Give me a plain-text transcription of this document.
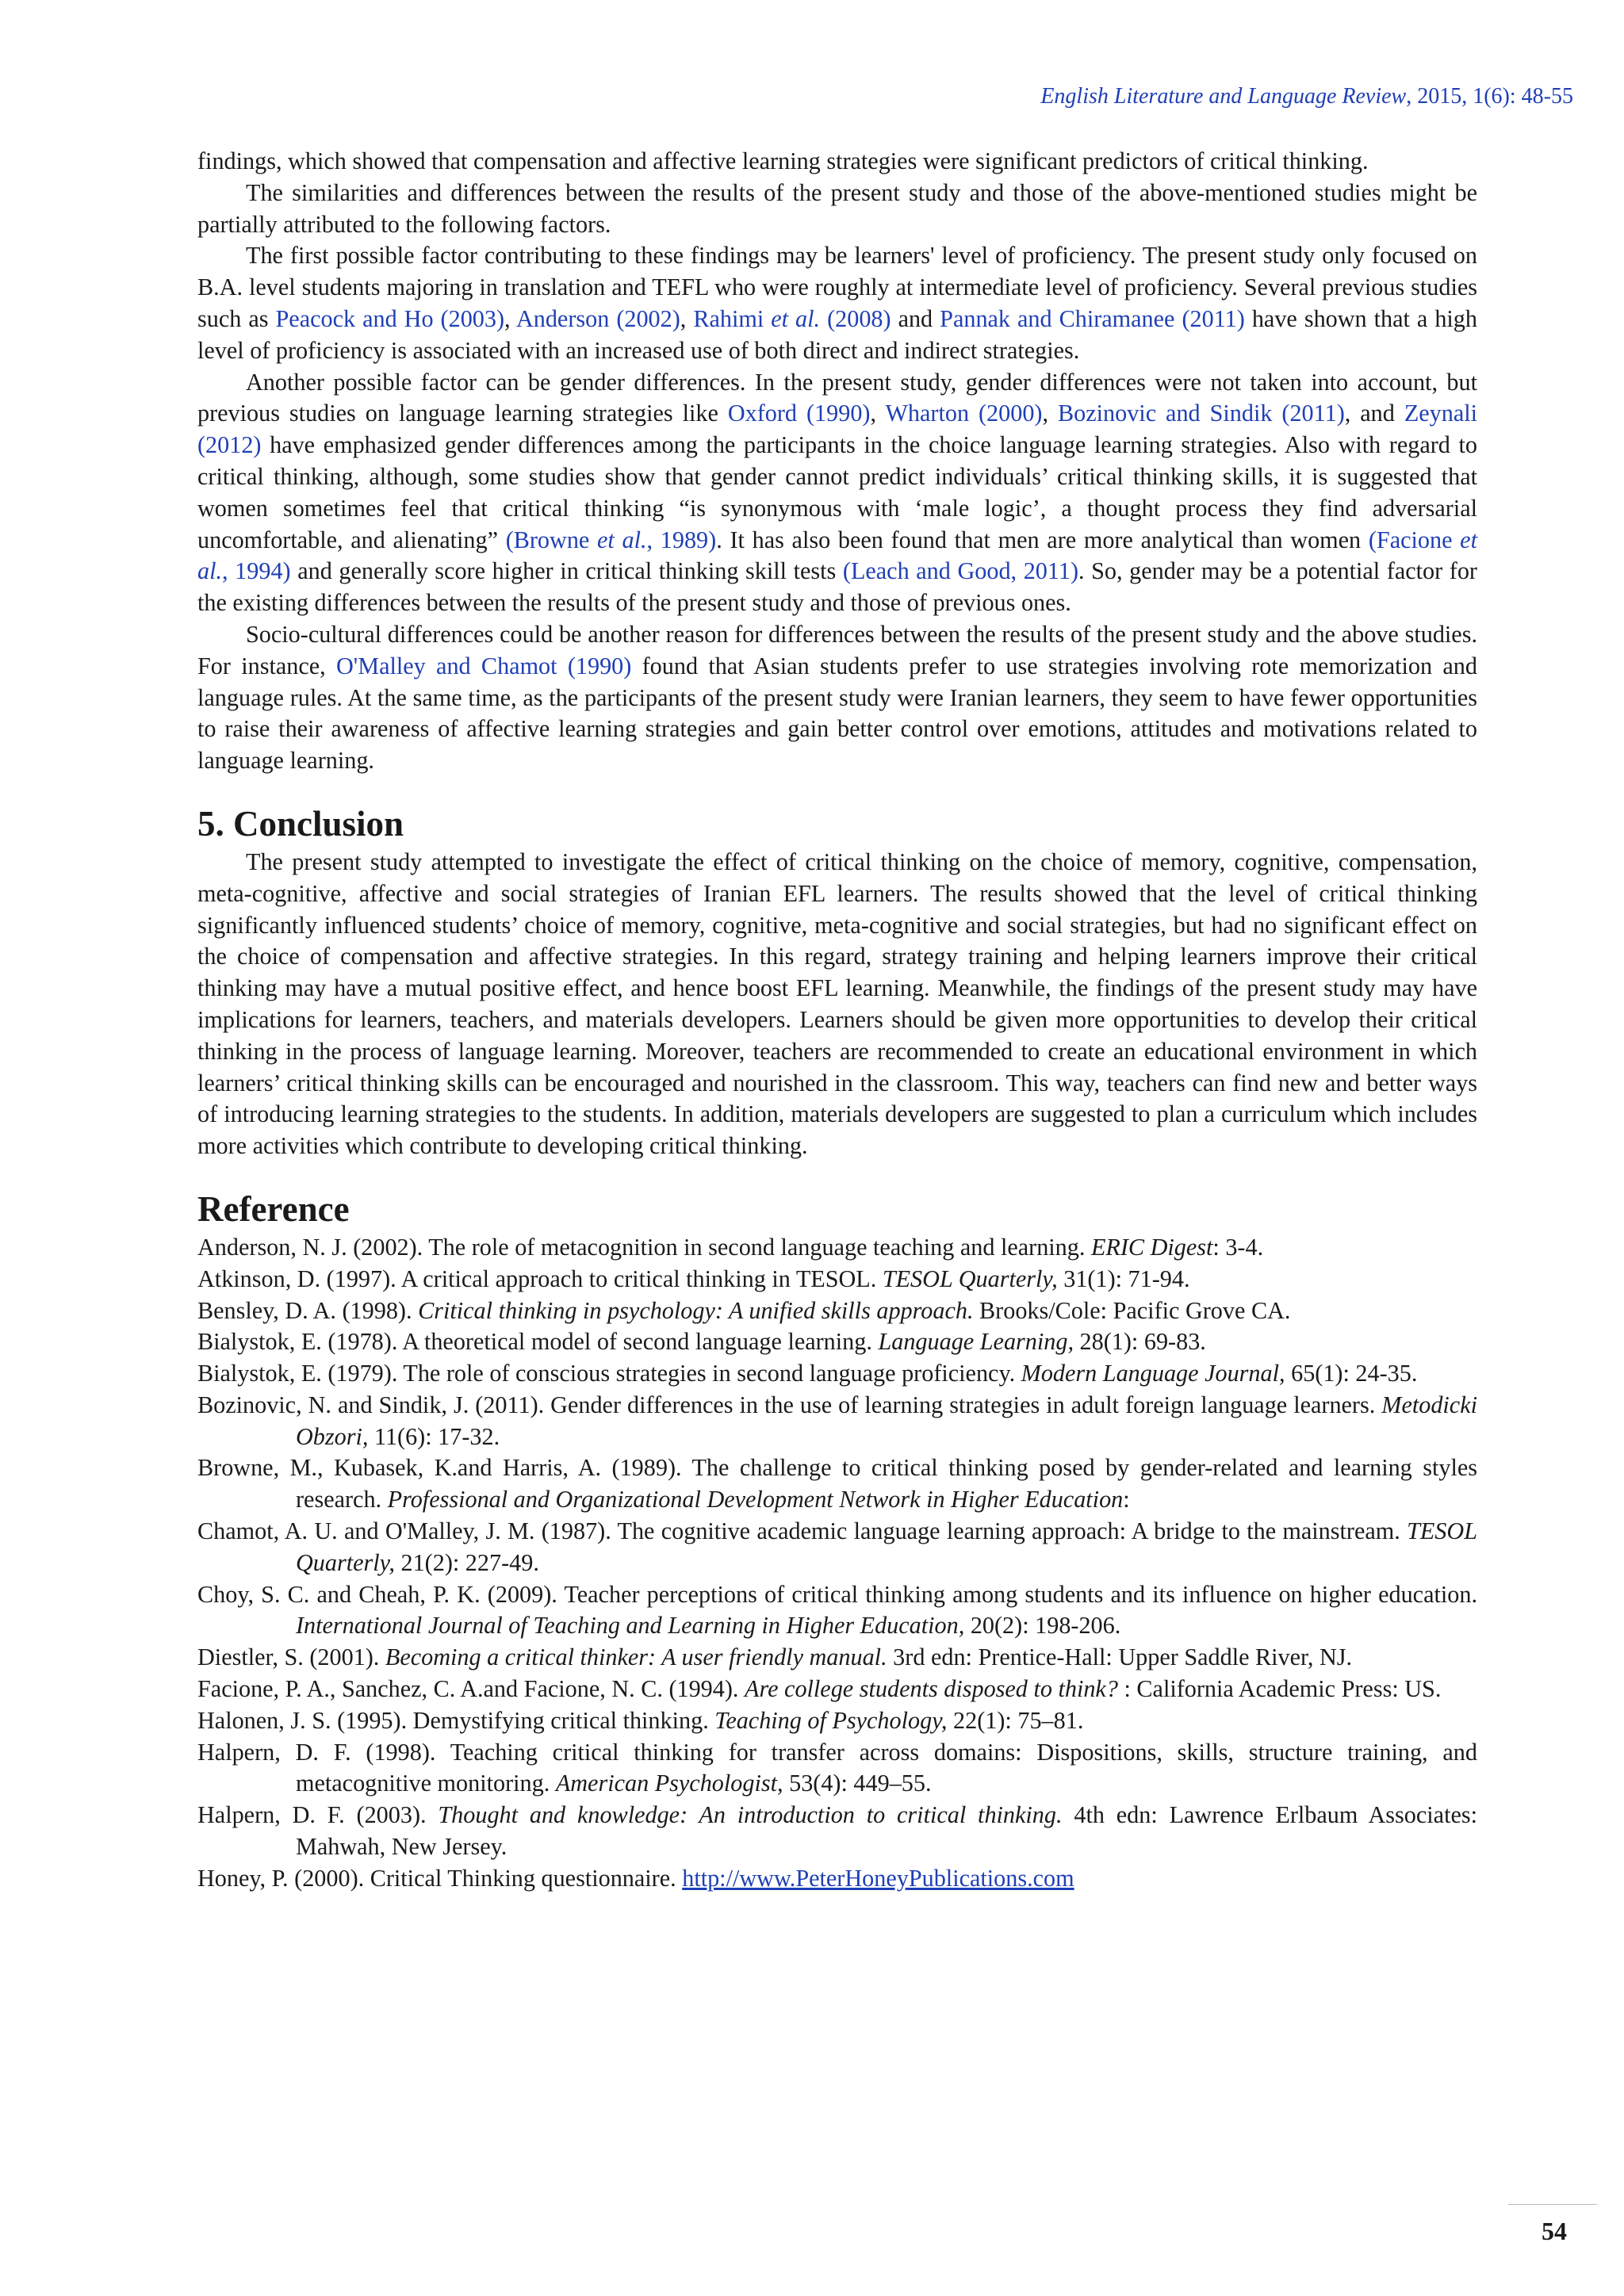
English Literature and Language Review, 2015, 1(6): 48-55

findings, which showed that compensation and affective learning strategies were significant predictors of critical thinking.

The similarities and differences between the results of the present study and those of the above-mentioned studies might be partially attributed to the following factors.

The first possible factor contributing to these findings may be learners' level of proficiency. The present study only focused on B.A. level students majoring in translation and TEFL who were roughly at intermediate level of proficiency. Several previous studies such as Peacock and Ho (2003), Anderson (2002), Rahimi et al. (2008) and Pannak and Chiramanee (2011) have shown that a high level of proficiency is associated with an increased use of both direct and indirect strategies.

Another possible factor can be gender differences. In the present study, gender differences were not taken into account, but previous studies on language learning strategies like Oxford (1990), Wharton (2000), Bozinovic and Sindik (2011), and Zeynali (2012) have emphasized gender differences among the participants in the choice language learning strategies. Also with regard to critical thinking, although, some studies show that gender cannot predict individuals’ critical thinking skills, it is suggested that women sometimes feel that critical thinking “is synonymous with ‘male logic’, a thought process they find adversarial uncomfortable, and alienating” (Browne et al., 1989). It has also been found that men are more analytical than women (Facione et al., 1994) and generally score higher in critical thinking skill tests (Leach and Good, 2011). So, gender may be a potential factor for the existing differences between the results of the present study and those of previous ones.

Socio-cultural differences could be another reason for differences between the results of the present study and the above studies. For instance, O'Malley and Chamot (1990) found that Asian students prefer to use strategies involving rote memorization and language rules. At the same time, as the participants of the present study were Iranian learners, they seem to have fewer opportunities to raise their awareness of affective learning strategies and gain better control over emotions, attitudes and motivations related to language learning.

5. Conclusion

The present study attempted to investigate the effect of critical thinking on the choice of memory, cognitive, compensation, meta-cognitive, affective and social strategies of Iranian EFL learners. The results showed that the level of critical thinking significantly influenced students’ choice of memory, cognitive, meta-cognitive and social strategies, but had no significant effect on the choice of compensation and affective strategies. In this regard, strategy training and helping learners improve their critical thinking may have a mutual positive effect, and hence boost EFL learning. Meanwhile, the findings of the present study may have implications for learners, teachers, and materials developers. Learners should be given more opportunities to develop their critical thinking in the process of language learning. Moreover, teachers are recommended to create an educational environment in which learners’ critical thinking skills can be encouraged and nourished in the classroom. This way, teachers can find new and better ways of introducing learning strategies to the students. In addition, materials developers are suggested to plan a curriculum which includes more activities which contribute to developing critical thinking.

Reference

Anderson, N. J. (2002). The role of metacognition in second language teaching and learning. ERIC Digest: 3-4.

Atkinson, D. (1997). A critical approach to critical thinking in TESOL. TESOL Quarterly, 31(1): 71-94.

Bensley, D. A. (1998). Critical thinking in psychology: A unified skills approach. Brooks/Cole: Pacific Grove CA.

Bialystok, E. (1978). A theoretical model of second language learning. Language Learning, 28(1): 69-83.

Bialystok, E. (1979). The role of conscious strategies in second language proficiency. Modern Language Journal, 65(1): 24-35.

Bozinovic, N. and Sindik, J. (2011). Gender differences in the use of learning strategies in adult foreign language learners. Metodicki Obzori, 11(6): 17-32.

Browne, M., Kubasek, K.and Harris, A. (1989). The challenge to critical thinking posed by gender-related and learning styles research. Professional and Organizational Development Network in Higher Education:

Chamot, A. U. and O'Malley, J. M. (1987). The cognitive academic language learning approach: A bridge to the mainstream. TESOL Quarterly, 21(2): 227-49.

Choy, S. C. and Cheah, P. K. (2009). Teacher perceptions of critical thinking among students and its influence on higher education. International Journal of Teaching and Learning in Higher Education, 20(2): 198-206.

Diestler, S. (2001). Becoming a critical thinker: A user friendly manual. 3rd edn: Prentice-Hall: Upper Saddle River, NJ.

Facione, P. A., Sanchez, C. A.and Facione, N. C. (1994). Are college students disposed to think? : California Academic Press: US.

Halonen, J. S. (1995). Demystifying critical thinking. Teaching of Psychology, 22(1): 75–81.

Halpern, D. F. (1998). Teaching critical thinking for transfer across domains: Dispositions, skills, structure training, and metacognitive monitoring. American Psychologist, 53(4): 449–55.

Halpern, D. F. (2003). Thought and knowledge: An introduction to critical thinking. 4th edn: Lawrence Erlbaum Associates: Mahwah, New Jersey.

Honey, P. (2000). Critical Thinking questionnaire. http://www.PeterHoneyPublications.com

54
